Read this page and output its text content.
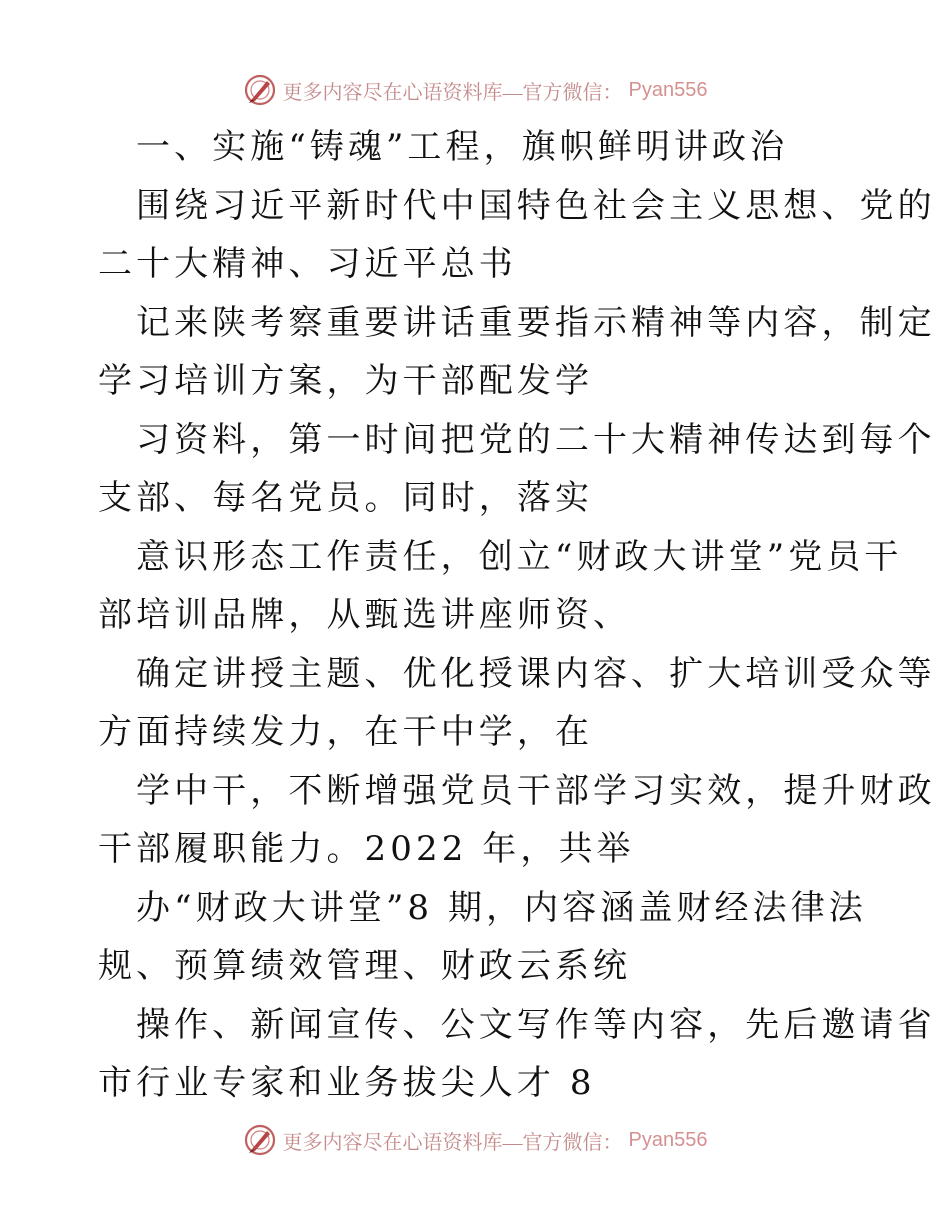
更多内容尽在心语资料库—官方微信： Pyan556
一、实施“铸魂”工程，旗帜鲜明讲政治
围绕习近平新时代中国特色社会主义思想、党的
二十大精神、习近平总书
记来陕考察重要讲话重要指示精神等内容，制定
学习培训方案，为干部配发学
习资料，第一时间把党的二十大精神传达到每个
支部、每名党员。同时，落实
意识形态工作责任，创立“财政大讲堂”党员干
部培训品牌，从甄选讲座师资、
确定讲授主题、优化授课内容、扩大培训受众等
方面持续发力，在干中学，在
学中干，不断增强党员干部学习实效，提升财政
干部履职能力。2022 年，共举
办“财政大讲堂”8 期，内容涵盖财经法律法
规、预算绩效管理、财政云系统
操作、新闻宣传、公文写作等内容，先后邀请省
市行业专家和业务拔尖人才 8
更多内容尽在心语资料库—官方微信： Pyan556
